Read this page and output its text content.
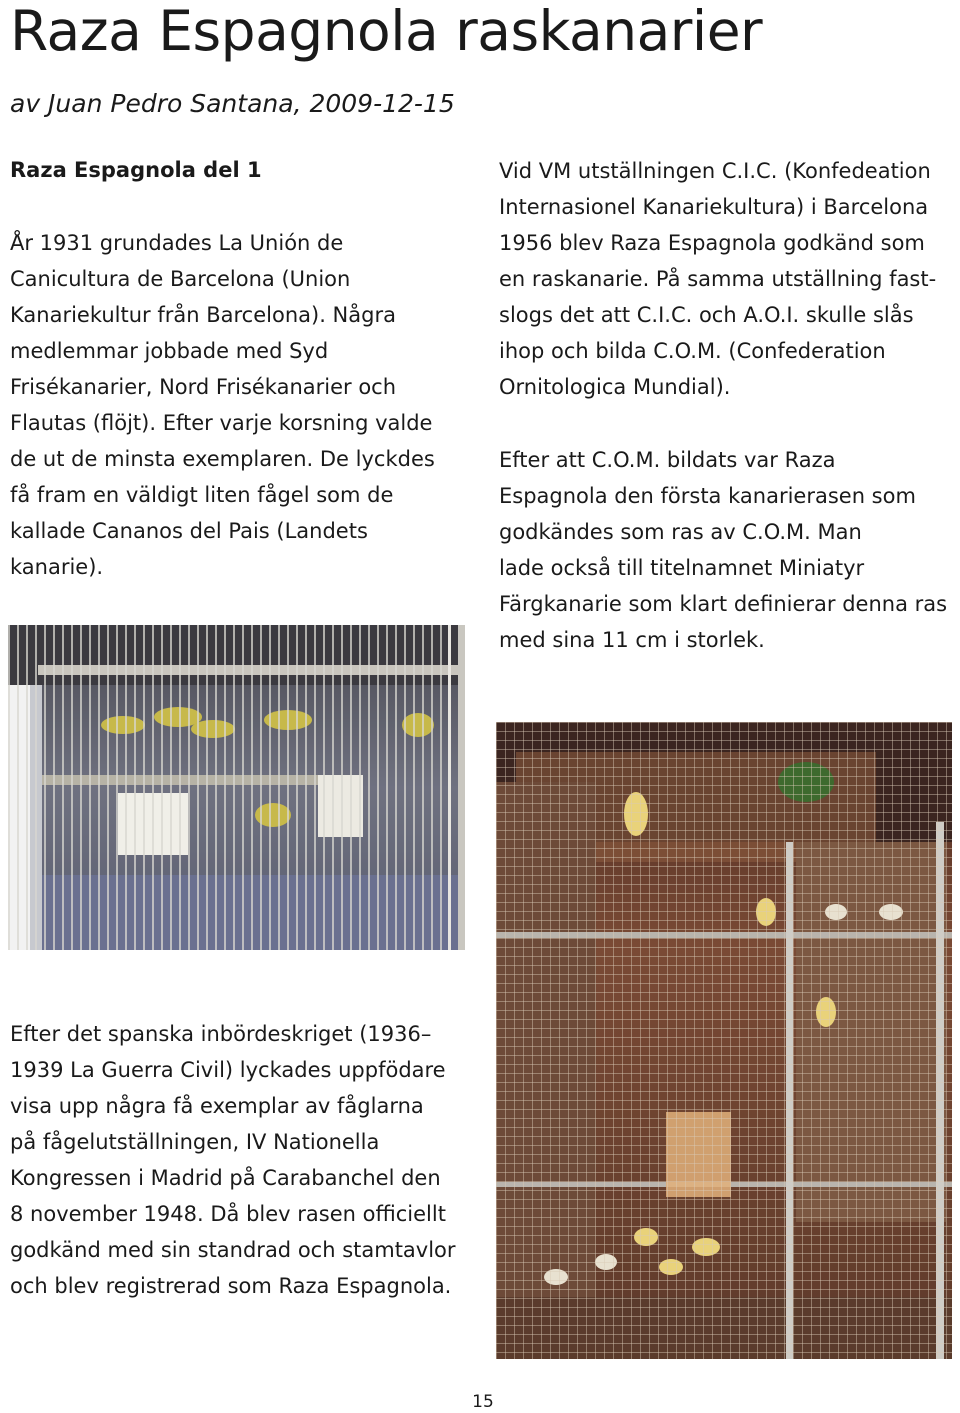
Raza Espagnola raskanarier

av Juan Pedro Santana, 2009-12-15

Raza Espagnola del 1

År 1931 grundades La Unión de
Canicultura de Barcelona (Union
Kanariekultur från Barcelona). Några
medlemmar jobbade med Syd
Frisékanarier, Nord Frisékanarier och
Flautas (flöjt). Efter varje korsning valde
de ut de minsta exemplaren. De lyckdes
få fram en väldigt liten fågel som de
kallade Cananos del Pais (Landets
kanarie).

Vid VM utställningen C.I.C. (Konfedeation
Internasionel Kanariekultura) i Barcelona
1956 blev Raza Espagnola godkänd som
en raskanarie. På samma utställning fast-
slogs det att C.I.C. och A.O.I. skulle slås
ihop och bilda C.O.M. (Confederation
Ornitologica Mundial).

Efter att C.O.M. bildats var Raza
Espagnola den första kanarierasen som
godkändes som ras av C.O.M. Man
lade också till titelnamnet Miniatyr
Färgkanarie som klart definierar denna ras
med sina 11 cm i storlek.

Efter det spanska inbördeskriget (1936–
1939 La Guerra Civil) lyckades uppfödare
visa upp några få exemplar av fåglarna
på fågelutställningen, IV Nationella
Kongressen i Madrid på Carabanchel den
8 november 1948. Då blev rasen officiellt
godkänd med sin standrad och stamtavlor
och blev registrerad som Raza Espagnola.

15
